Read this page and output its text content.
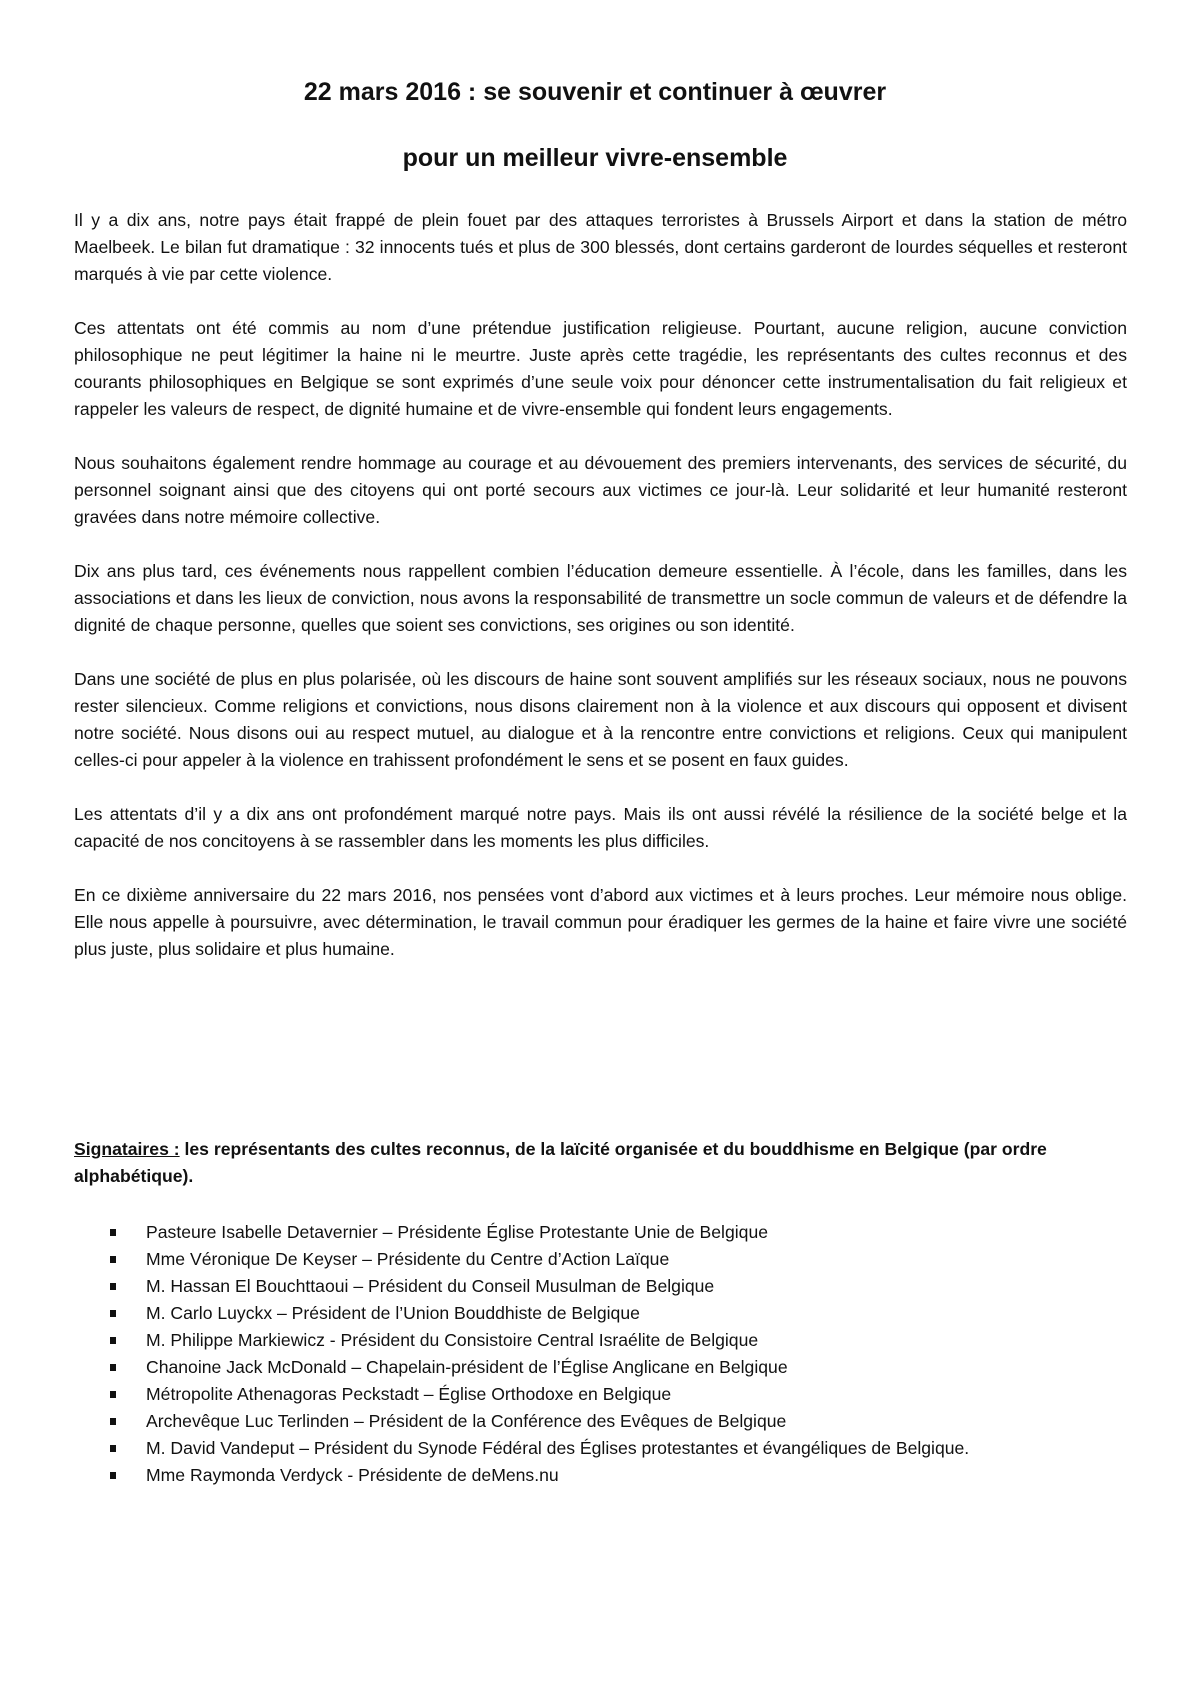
22 mars 2016 : se souvenir et continuer à œuvrer
pour un meilleur vivre-ensemble

Il y a dix ans, notre pays était frappé de plein fouet par des attaques terroristes à Brussels Airport et dans la station de métro Maelbeek. Le bilan fut dramatique : 32 innocents tués et plus de 300 blessés, dont certains garderont de lourdes séquelles et resteront marqués à vie par cette violence.

Ces attentats ont été commis au nom d’une prétendue justification religieuse. Pourtant, aucune religion, aucune conviction philosophique ne peut légitimer la haine ni le meurtre. Juste après cette tragédie, les représentants des cultes reconnus et des courants philosophiques en Belgique se sont exprimés d’une seule voix pour dénoncer cette instrumentalisation du fait religieux et rappeler les valeurs de respect, de dignité humaine et de vivre-ensemble qui fondent leurs engagements.

Nous souhaitons également rendre hommage au courage et au dévouement des premiers intervenants, des services de sécurité, du personnel soignant ainsi que des citoyens qui ont porté secours aux victimes ce jour-là. Leur solidarité et leur humanité resteront gravées dans notre mémoire collective.

Dix ans plus tard, ces événements nous rappellent combien l’éducation demeure essentielle. À l’école, dans les familles, dans les associations et dans les lieux de conviction, nous avons la responsabilité de transmettre un socle commun de valeurs et de défendre la dignité de chaque personne, quelles que soient ses convictions, ses origines ou son identité.

Dans une société de plus en plus polarisée, où les discours de haine sont souvent amplifiés sur les réseaux sociaux, nous ne pouvons rester silencieux. Comme religions et convictions, nous disons clairement non à la violence et aux discours qui opposent et divisent notre société. Nous disons oui au respect mutuel, au dialogue et à la rencontre entre convictions et religions. Ceux qui manipulent celles-ci pour appeler à la violence en trahissent profondément le sens et se posent en faux guides.

Les attentats d’il y a dix ans ont profondément marqué notre pays. Mais ils ont aussi révélé la résilience de la société belge et la capacité de nos concitoyens à se rassembler dans les moments les plus difficiles.

En ce dixième anniversaire du 22 mars 2016, nos pensées vont d’abord aux victimes et à leurs proches. Leur mémoire nous oblige. Elle nous appelle à poursuivre, avec détermination, le travail commun pour éradiquer les germes de la haine et faire vivre une société plus juste, plus solidaire et plus humaine.

Signataires : les représentants des cultes reconnus, de la laïcité organisée et du bouddhisme en Belgique (par ordre alphabétique).
Pasteure Isabelle Detavernier – Présidente Église Protestante Unie de Belgique
Mme Véronique De Keyser – Présidente du Centre d’Action Laïque
M. Hassan El Bouchttaoui – Président du Conseil Musulman de Belgique
M. Carlo Luyckx – Président de l’Union Bouddhiste de Belgique
M. Philippe Markiewicz - Président du Consistoire Central Israélite de Belgique
Chanoine Jack McDonald – Chapelain-président de l’Église Anglicane en Belgique
Métropolite Athenagoras Peckstadt – Église Orthodoxe en Belgique
Archevêque Luc Terlinden – Président de la Conférence des Evêques de Belgique
M. David Vandeput – Président du Synode Fédéral des Églises protestantes et évangéliques de Belgique.
Mme Raymonda Verdyck - Présidente de deMens.nu
